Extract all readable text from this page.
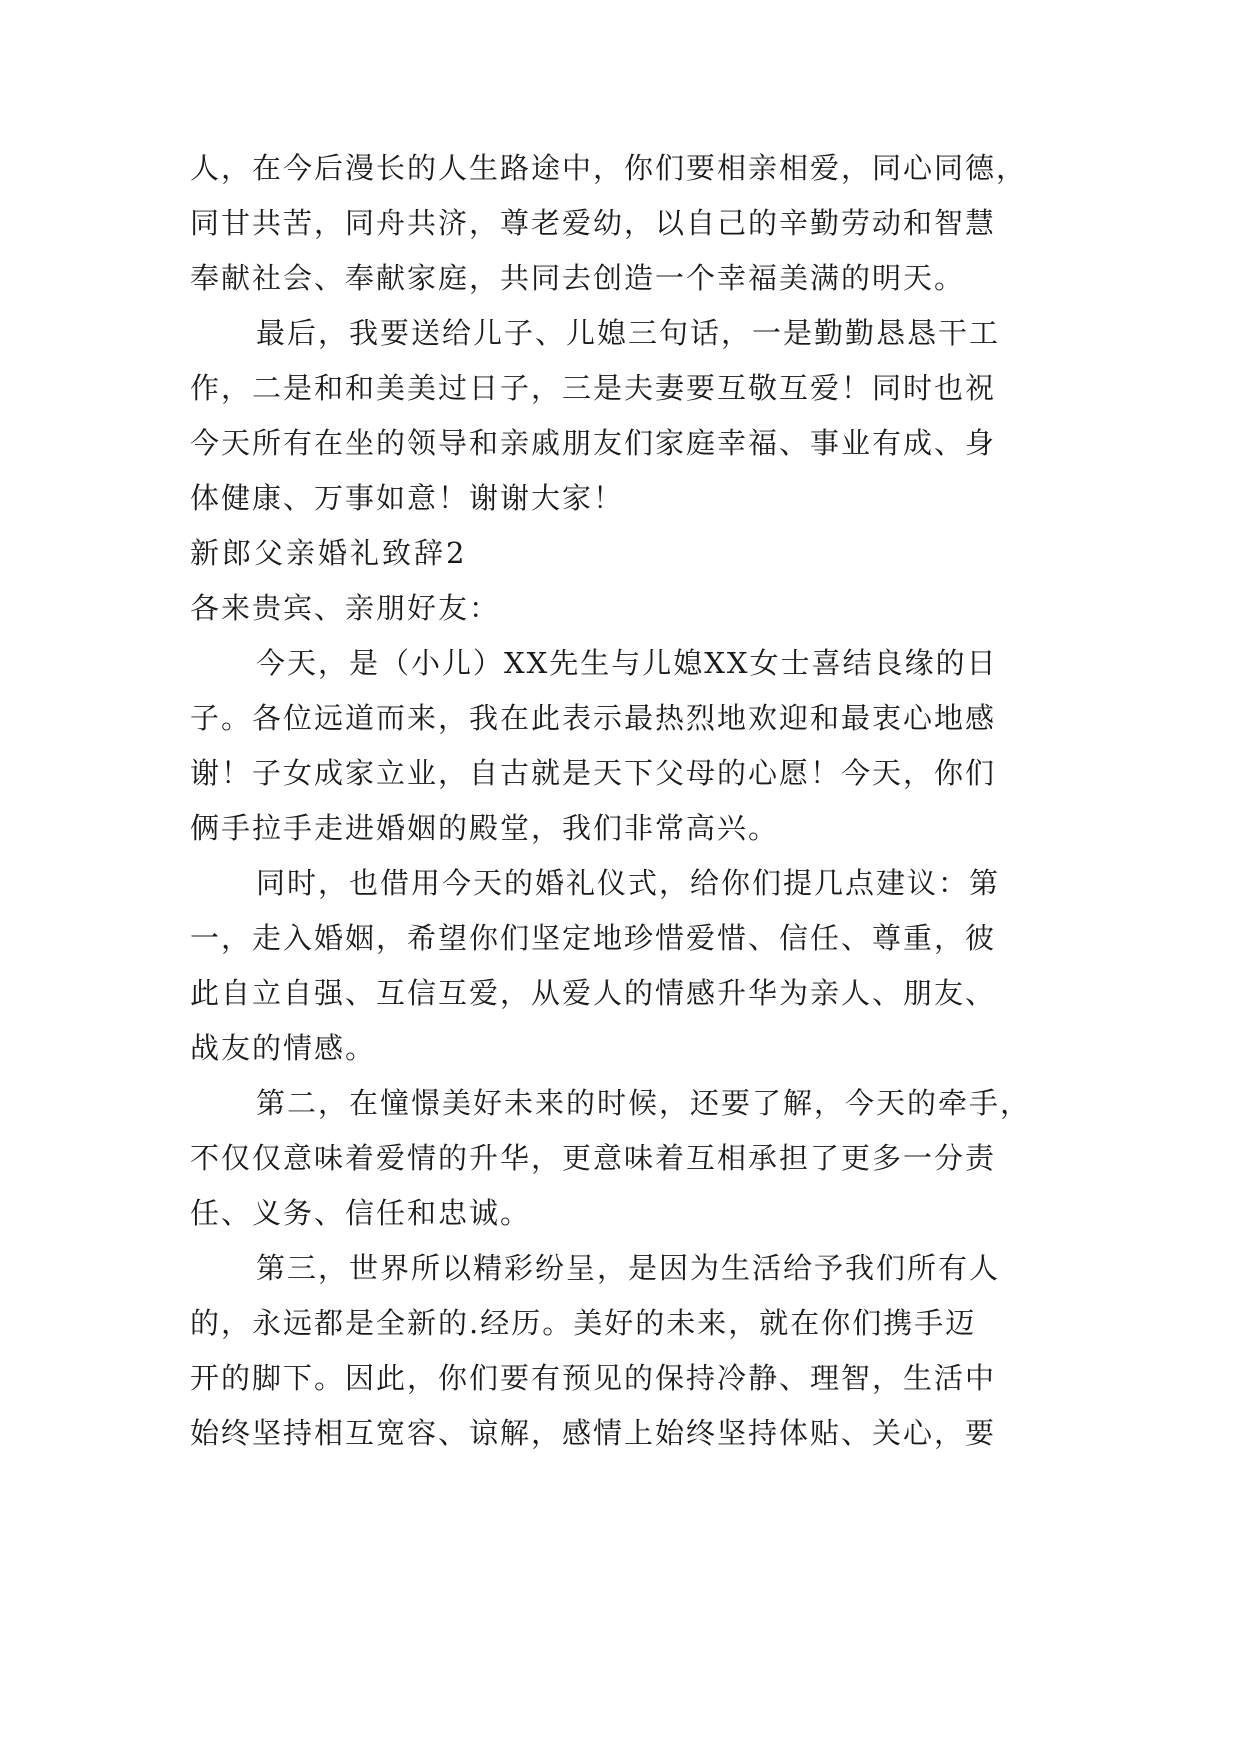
人，在今后漫长的人生路途中，你们要相亲相爱，同心同德，
同甘共苦，同舟共济，尊老爱幼，以自己的辛勤劳动和智慧
奉献社会、奉献家庭，共同去创造一个幸福美满的明天。
最后，我要送给儿子、儿媳三句话，一是勤勤恳恳干工
作，二是和和美美过日子，三是夫妻要互敬互爱！同时也祝
今天所有在坐的领导和亲戚朋友们家庭幸福、事业有成、身
体健康、万事如意！谢谢大家！
新郎父亲婚礼致辞2
各来贵宾、亲朋好友：
今天，是（小儿）XX先生与儿媳XX女士喜结良缘的日
子。各位远道而来，我在此表示最热烈地欢迎和最衷心地感
谢！子女成家立业，自古就是天下父母的心愿！今天，你们
俩手拉手走进婚姻的殿堂，我们非常高兴。
同时，也借用今天的婚礼仪式，给你们提几点建议：第
一，走入婚姻，希望你们坚定地珍惜爱惜、信任、尊重，彼
此自立自强、互信互爱，从爱人的情感升华为亲人、朋友、
战友的情感。
第二，在憧憬美好未来的时候，还要了解，今天的牵手，
不仅仅意味着爱情的升华，更意味着互相承担了更多一分责
任、义务、信任和忠诚。
第三，世界所以精彩纷呈，是因为生活给予我们所有人
的，永远都是全新的.经历。美好的未来，就在你们携手迈
开的脚下。因此，你们要有预见的保持冷静、理智，生活中
始终坚持相互宽容、谅解，感情上始终坚持体贴、关心，要
